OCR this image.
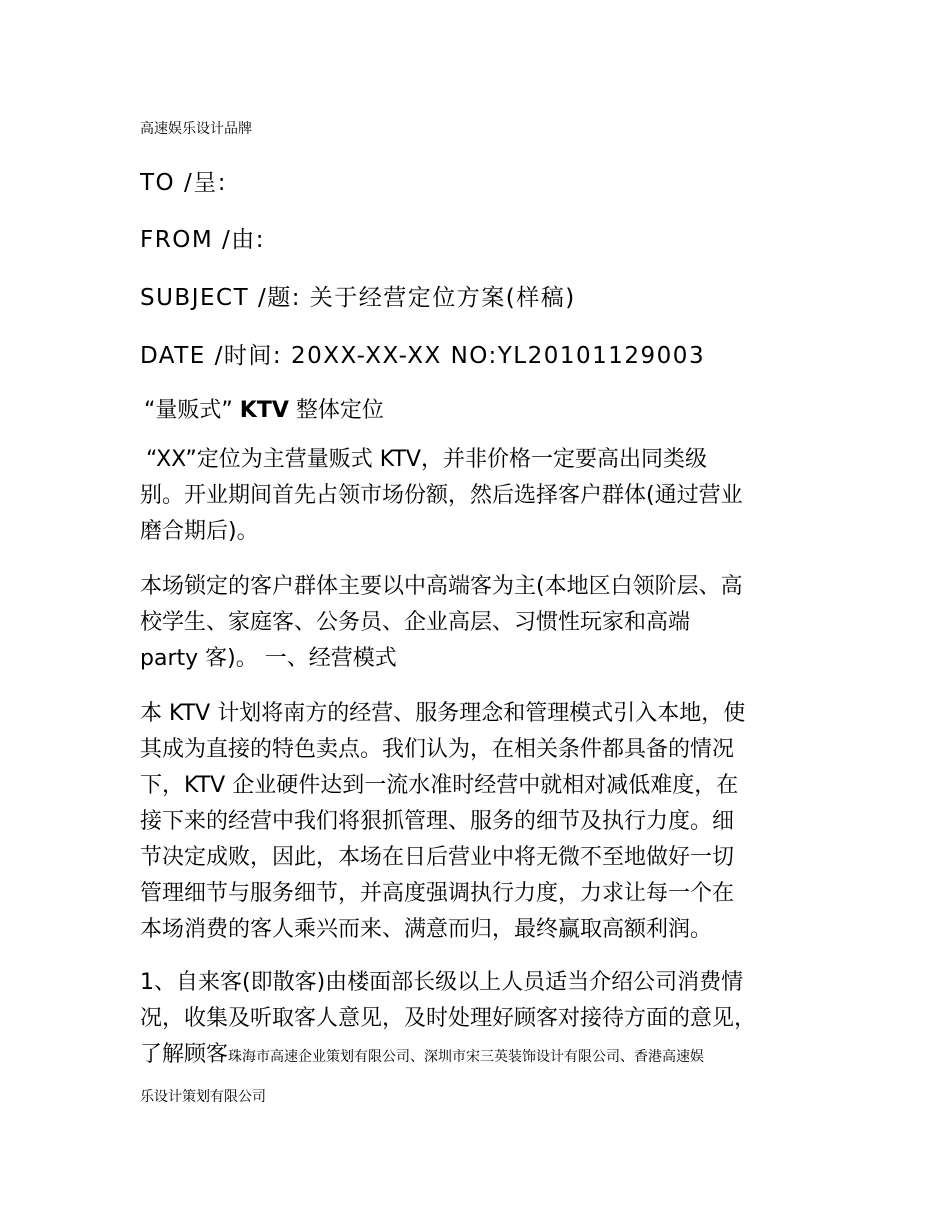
高速娱乐设计品牌
TO /呈:
FROM /由:
SUBJECT /题: 关于经营定位方案(样稿)
DATE /时间: 20XX-XX-XX NO:YL20101129003
“量贩式” KTV 整体定位
“XX”定位为主营量贩式 KTV，并非价格一定要高出同类级
别。开业期间首先占领市场份额，然后选择客户群体(通过营业
磨合期后)。
本场锁定的客户群体主要以中高端客为主(本地区白领阶层、高
校学生、家庭客、公务员、企业高层、习惯性玩家和高端
party 客)。 一、经营模式
本 KTV 计划将南方的经营、服务理念和管理模式引入本地，使
其成为直接的特色卖点。我们认为，在相关条件都具备的情况
下，KTV 企业硬件达到一流水准时经营中就相对减低难度，在
接下来的经营中我们将狠抓管理、服务的细节及执行力度。细
节决定成败，因此，本场在日后营业中将无微不至地做好一切
管理细节与服务细节，并高度强调执行力度，力求让每一个在
本场消费的客人乘兴而来、满意而归，最终赢取高额利润。
1、自来客(即散客)由楼面部长级以上人员适当介绍公司消费情
况，收集及听取客人意见，及时处理好顾客对接待方面的意见，
了解顾客珠海市高速企业策划有限公司、深圳市宋三英装饰设计有限公司、香港高速娱
乐设计策划有限公司
